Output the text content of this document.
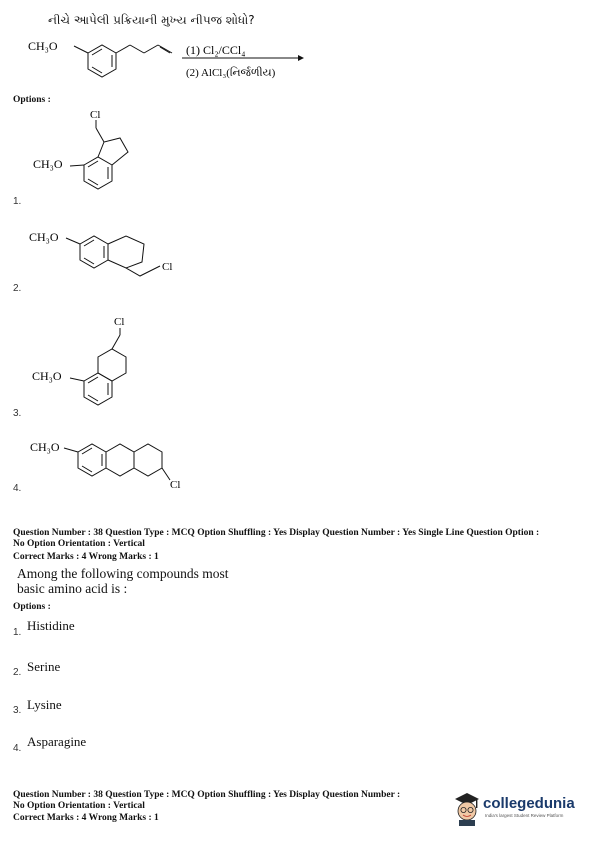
નીચે આપેલી પ્રક્રિયાની મુખ્ય નીપજ શોધો?
CH₃O	(1) Cl₂/CCl₄
(2) AlCl₃(નિર્જળીય)
Cl
CH₃O
Cl
CH₃O
Cl
CH₃O
Cl
CH₃O
Options :
1.
2.
3.
4.
Question Number : 38 Question Type : MCQ Option Shuffling : Yes Display Question Number : Yes Single Line Question Option :
No Option Orientation : Vertical
Correct Marks : 4 Wrong Marks : 1
Among the following compounds most
basic amino acid is :
Options :
1. Histidine
2. Serine
3. Lysine
4. Asparagine
Question Number : 38 Question Type : MCQ Option Shuffling : Yes Display Question Number :
No Option Orientation : Vertical
Correct Marks : 4 Wrong Marks : 1
collegedunia
India's largest Student Review Platform
